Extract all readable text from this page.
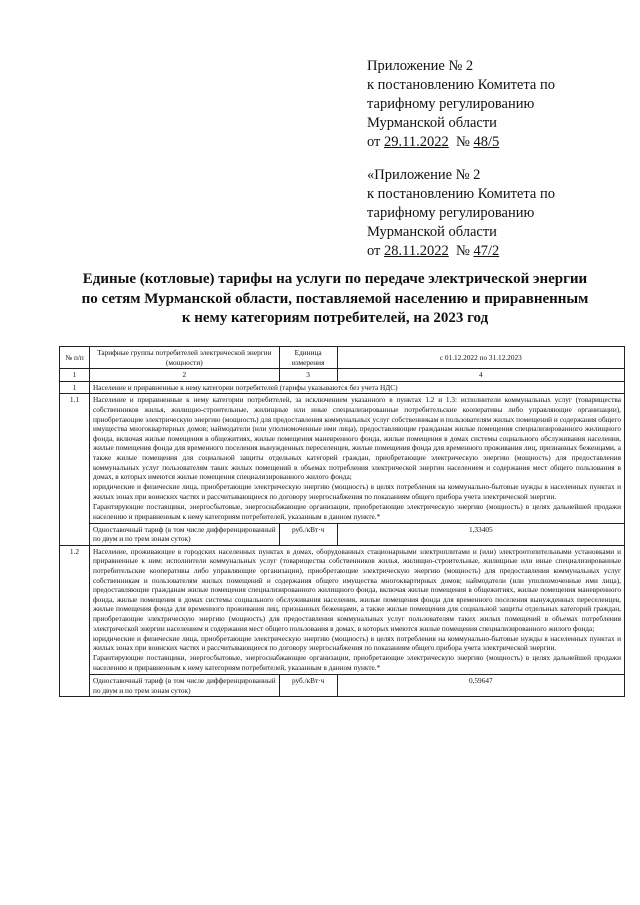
Приложение № 2
к постановлению Комитета по
тарифному регулированию
Мурманской области
от 29.11.2022  № 48/5
«Приложение № 2
к постановлению Комитета по
тарифному регулированию
Мурманской области
от 28.11.2022  № 47/2
Единые (котловые) тарифы на услуги по передаче электрической энергии
по сетям Мурманской области, поставляемой населению и приравненным
к нему категориям потребителей, на 2023 год
№ п/п	Тарифные группы потребителей электрической энергии (мощности)	Единица измерения	с 01.12.2022 по 31.12.2023
1	2	3	4
1	Население и приравненные к нему категории потребителей (тарифы указываются без учета НДС)		
1.1	Население и приравненные к нему категории потребителей, за исключением указанного в пунктах 1.2 и 1.3: исполнители коммунальных услуг (товарищества собственников жилья, жилищно-строительные, жилищные или иные специализированные потребительские кооперативы либо управляющие организации), приобретающие электрическую энергию (мощность) для предоставления коммунальных услуг собственникам и пользователям жилых помещений и содержания общего имущества многоквартирных домов; наймодатели (или уполномоченные ими лица), предоставляющие гражданам жилые помещения специализированного жилищного фонда, включая жилые помещения в общежитиях, жилые помещения маневренного фонда, жилые помещения в домах системы социального обслуживания населения, жилые помещения фонда для временного поселения вынужденных переселенцев, жилые помещения фонда для временного проживания лиц, признанных беженцами, а также жилые помещения для социальной защиты отдельных категорий граждан, приобретающие электрическую энергию (мощность) для предоставления коммунальных услуг пользователям таких жилых помещений в объемах потребления электрической энергии населением и содержания мест общего пользования в домах, в которых имеются жилые помещения специализированного жилого фонда;

юридические и физические лица, приобретающие электрическую энергию (мощность) в целях потребления на коммунально-бытовые нужды в населенных пунктах и жилых зонах при воинских частях и рассчитывающиеся по договору энергоснабжения по показаниям общего прибора учета электрической энергии.

Гарантирующие поставщики, энергосбытовые, энергоснабжающие организации, приобретающие электрическую энергию (мощность) в целях дальнейшей продажи населению и приравненным к нему категориям потребителей, указанным в данном пункте.*		

	Одноставочный тариф (в том числе дифференцированный по двум и по трем зонам суток)	руб./кВт·ч	1,33405
1.2	Население, проживающее в городских населенных пунктах в домах, оборудованных стационарными электроплитами и (или) электроотопительными установками и приравненные к ним: исполнители коммунальных услуг (товарищества собственников жилья, жилищно-строительные, жилищные или иные специализированные потребительские кооперативы либо управляющие организации), приобретающие электрическую энергию (мощность) для предоставления коммунальных услуг собственникам и пользователям жилых помещений и содержания общего имущества многоквартирных домов; наймодатели (или уполномоченные ими лица), предоставляющие гражданам жилые помещения специализированного жилищного фонда, включая жилые помещения в общежитиях, жилые помещения маневренного фонда, жилые помещения в домах системы социального обслуживания населения, жилые помещения фонда для временного поселения вынужденных переселенцев, жилые помещения фонда для временного проживания лиц, признанных беженцами, а также жилые помещения для социальной защиты отдельных категорий граждан, приобретающие электрическую энергию (мощность) для предоставления коммунальных услуг пользователям таких жилых помещений в объемах потребления электрической энергии населением и содержания мест общего пользования в домах, в которых имеются жилые помещения специализированного жилого фонда;

юридические и физические лица, приобретающие электрическую энергию (мощность) в целях потребления на коммунально-бытовые нужды в населенных пунктах и жилых зонах при воинских частях и рассчитывающиеся по договору энергоснабжения по показаниям общего прибора учета электрической энергии.

Гарантирующие поставщики, энергосбытовые, энергоснабжающие организации, приобретающие электрическую энергию (мощность) в целях дальнейшей продажи населению и приравненным к нему категориям потребителей, указанным в данном пункте.*		

	Одноставочный тариф (в том числе дифференцированный по двум и по трем зонам суток)	руб./кВт·ч	0,59647
